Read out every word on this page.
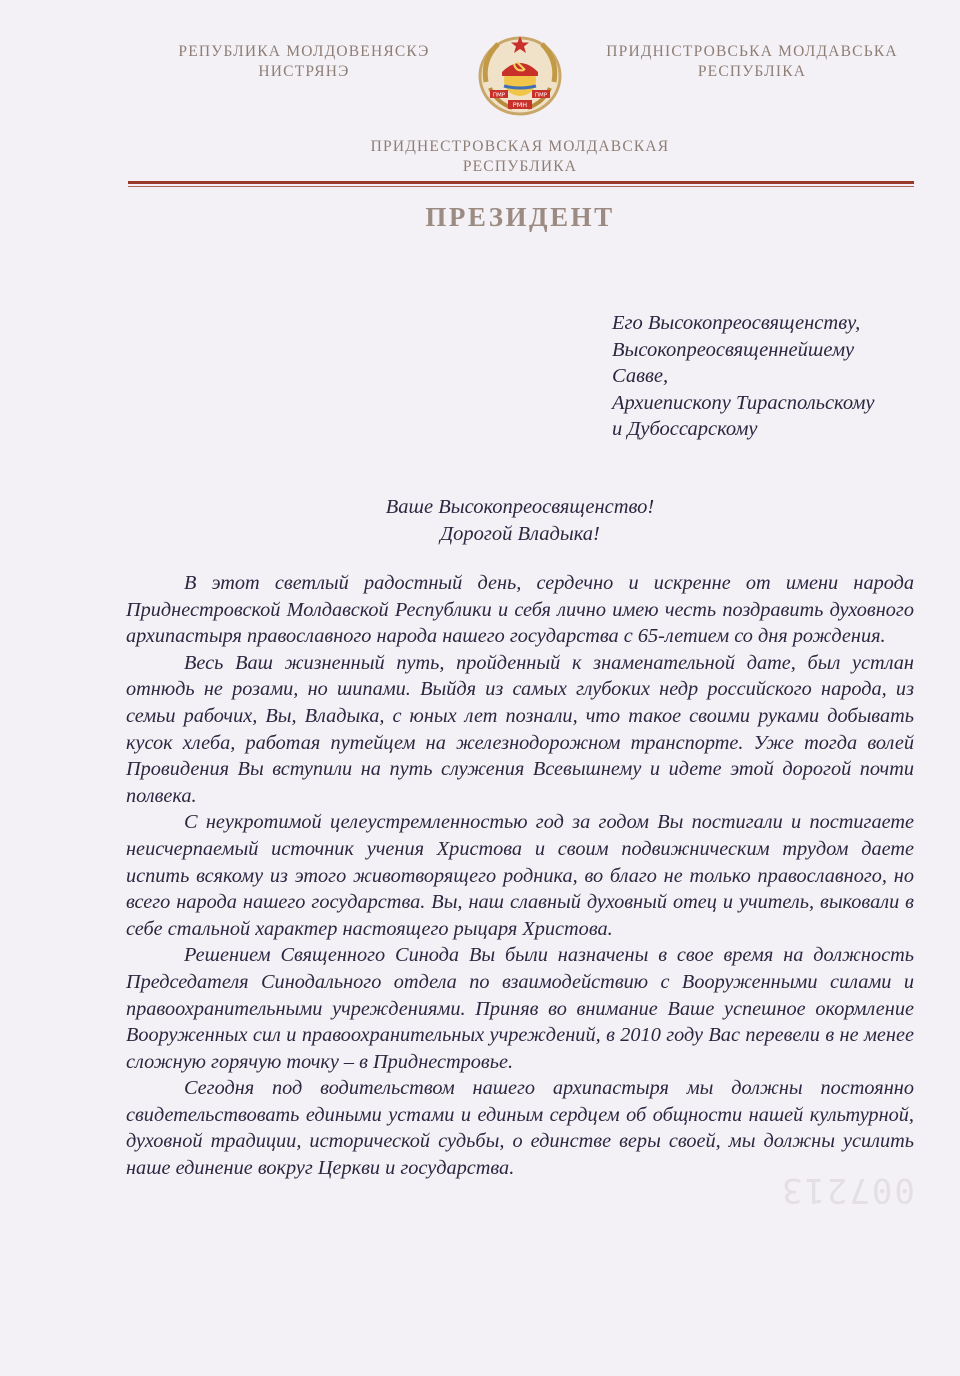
РЕПУБЛИКА МОЛДОВЕНЯСКЭ
НИСТРЯНЭ
ПМР	ПМР
РМН
ПРИДНІСТРОВСЬКА МОЛДАВСЬКА
РЕСПУБЛІКА
ПРИДНЕСТРОВСКАЯ МОЛДАВСКАЯ
РЕСПУБЛИКА
ПРЕЗИДЕНТ
Его Высокопреосвященству,
Высокопреосвященнейшему
Савве,
Архиепископу Тираспольскому
и Дубоссарскому
Ваше Высокопреосвященство!
Дорогой Владыка!

В этот светлый радостный день, сердечно и искренне от имени народа Приднестровской Молдавской Республики и себя лично имею честь поздравить духовного архипастыря православного народа нашего государства с 65-летием со дня рождения.

Весь Ваш жизненный путь, пройденный к знаменательной дате, был устлан отнюдь не розами, но шипами. Выйдя из самых глубоких недр российского народа, из семьи рабочих, Вы, Владыка, с юных лет познали, что такое своими руками добывать кусок хлеба, работая путейцем на железнодорожном транспорте. Уже тогда волей Провидения Вы вступили на путь служения Всевышнему и идете этой дорогой почти полвека.

С неукротимой целеустремленностью год за годом Вы постигали и постигаете неисчерпаемый источник учения Христова и своим подвижническим трудом даете испить всякому из этого животворящего родника, во благо не только православного, но всего народа нашего государства. Вы, наш славный духовный отец и учитель, выковали в себе стальной характер настоящего рыцаря Христова.

Решением Священного Синода Вы были назначены в свое время на должность Председателя Синодального отдела по взаимодействию с Вооруженными силами и правоохранительными учреждениями. Приняв во внимание Ваше успешное окормление Вооруженных сил и правоохранительных учреждений, в 2010 году Вас перевели в не менее сложную горячую точку – в Приднестровье.

Сегодня под водительством нашего архипастыря мы должны постоянно свидетельствовать едиными устами и единым сердцем об общности нашей культурной, духовной традиции, исторической судьбы, о единстве веры своей, мы должны усилить наше единение вокруг Церкви и государства.

007213
